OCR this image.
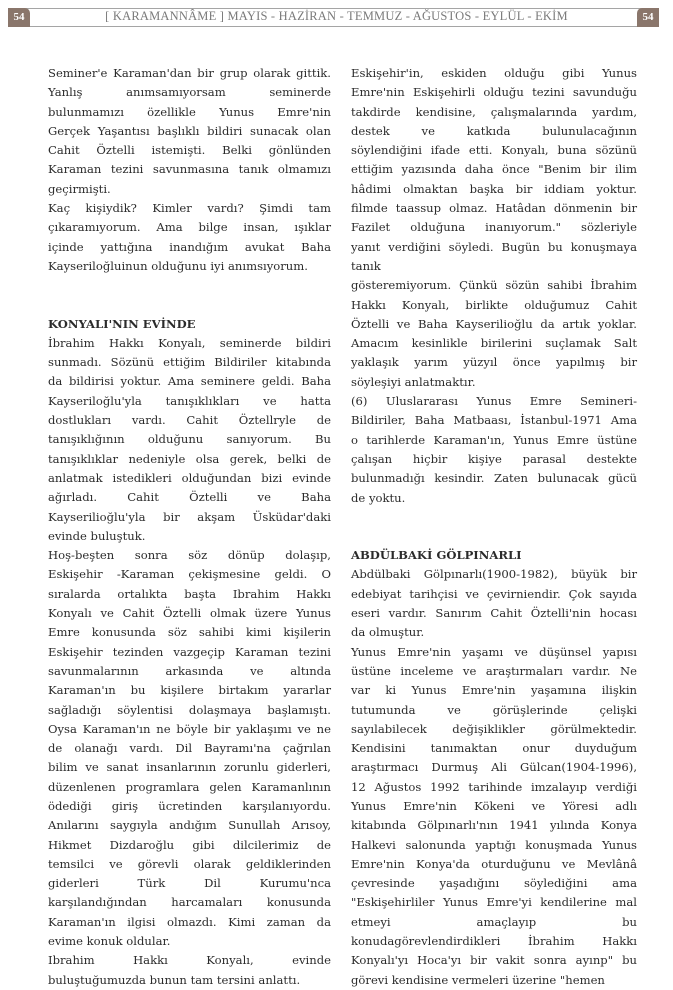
54	54
[ KARAMANNÂME ] MAYIS - HAZİRAN - TEMMUZ - AĞUSTOS - EYLÜL - EKİM

Seminer'e Karaman'dan bir grup olarak gittik.
Yanlış anımsamıyorsam seminerde
bulunmamızı özellikle Yunus Emre'nin
Gerçek Yaşantısı başlıklı bildiri sunacak olan
Cahit Öztelli istemişti. Belki gönlünden
Karaman tezini savunmasına tanık olmamızı
geçirmişti.

Kaç kişiydik? Kimler vardı? Şimdi tam
çıkaramıyorum. Ama bilge insan, ışıklar
içinde yattığına inandığım avukat Baha
Kayseriloğluinun olduğunu iyi anımsıyorum.

KONYALI'NIN EVİNDE

İbrahim Hakkı Konyalı, seminerde bildiri
sunmadı. Sözünü ettiğim Bildiriler kitabında
da bildirisi yoktur. Ama seminere geldi. Baha
Kayseriloğlu'yla tanışıklıkları ve hatta
dostlukları vardı. Cahit Öztellryle de
tanışıklığının olduğunu sanıyorum. Bu
tanışıklıklar nedeniyle olsa gerek, belki de
anlatmak istedikleri olduğundan bizi evinde
ağırladı. Cahit Öztelli ve Baha
Kayserilioğlu'yla bir akşam Üsküdar'daki
evinde buluştuk.

Hoş-beşten sonra söz dönüp dolaşıp,
Eskişehir -Karaman çekişmesine geldi. O
sıralarda ortalıkta başta Ibrahim Hakkı
Konyalı ve Cahit Öztelli olmak üzere Yunus
Emre konusunda söz sahibi kimi kişilerin
Eskişehir tezinden vazgeçip Karaman tezini
savunmalarının arkasında ve altında
Karaman'ın bu kişilere birtakım yararlar
sağladığı söylentisi dolaşmaya başlamıştı.
Oysa Karaman'ın ne böyle bir yaklaşımı ve ne
de olanağı vardı. Dil Bayramı'na çağrılan
bilim ve sanat insanlarının zorunlu giderleri,
düzenlenen programlara gelen Karamanlının
ödediği giriş ücretinden karşılanıyordu.
Anılarını saygıyla andığım Sunullah Arısoy,
Hikmet Dizdaroğlu gibi dilcilerimiz de
temsilci ve görevli olarak geldiklerinden
giderleri Türk Dil Kurumu'nca
karşılandığından harcamaları konusunda
Karaman'ın ilgisi olmazdı. Kimi zaman da
evime konuk oldular.

Ibrahim Hakkı Konyalı, evinde
buluştuğumuzda bunun tam tersini anlattı.

Eskişehir'in, eskiden olduğu gibi Yunus
Emre'nin Eskişehirli olduğu tezini savunduğu
takdirde kendisine, çalışmalarında yardım,
destek ve katkıda bulunulacağının
söylendiğini ifade etti. Konyalı, buna sözünü
ettiğim yazısında daha önce "Benim bir ilim
hâdimi olmaktan başka bir iddiam yoktur.
filmde taassup olmaz. Hatâdan dönmenin bir
Fazilet olduğuna inanıyorum." sözleriyle
yanıt verdiğini söyledi. Bugün bu konuşmaya
tanık
gösteremiyorum. Çünkü sözün sahibi İbrahim
Hakkı Konyalı, birlikte olduğumuz Cahit
Öztelli ve Baha Kayserilioğlu da artık yoklar.
Amacım kesinlikle birilerini suçlamak Salt
yaklaşık yarım yüzyıl önce yapılmış bir
söyleşiyi anlatmaktır.

(6) Uluslararası Yunus Emre Semineri-
Bildiriler, Baha Matbaası, İstanbul-1971 Ama
o tarihlerde Karaman'ın, Yunus Emre üstüne
çalışan hiçbir kişiye parasal destekte
bulunmadığı kesindir. Zaten bulunacak gücü
de yoktu.

ABDÜLBAKİ GÖLPINARLI

Abdülbaki Gölpınarlı(1900-1982), büyük bir
edebiyat tarihçisi ve çevirniendir. Çok sayıda
eseri vardır. Sanırım Cahit Öztelli'nin hocası
da olmuştur.

Yunus Emre'nin yaşamı ve düşünsel yapısı
üstüne inceleme ve araştırmaları vardır. Ne
var ki Yunus Emre'nin yaşamına ilişkin
tutumunda ve görüşlerinde çelişki
sayılabilecek değişiklikler görülmektedir.
Kendisini tanımaktan onur duyduğum
araştırmacı Durmuş Ali Gülcan(1904-1996),
12 Ağustos 1992 tarihinde imzalayıp verdiği
Yunus Emre'nin Kökeni ve Yöresi adlı
kitabında Gölpınarlı'nın 1941 yılında Konya
Halkevi salonunda yaptığı konuşmada Yunus
Emre'nin Konya'da oturduğunu ve Mevlânâ
çevresinde yaşadığını söylediğini ama
"Eskişehirliler Yunus Emre'yi kendilerine mal
etmeyi amaçlayıp bu
konudagörevlendirdikleri İbrahim Hakkı
Konyalı'yı Hoca'yı bir vakit sonra ayınp" bu
görevi kendisine vermeleri üzerine "hemen
